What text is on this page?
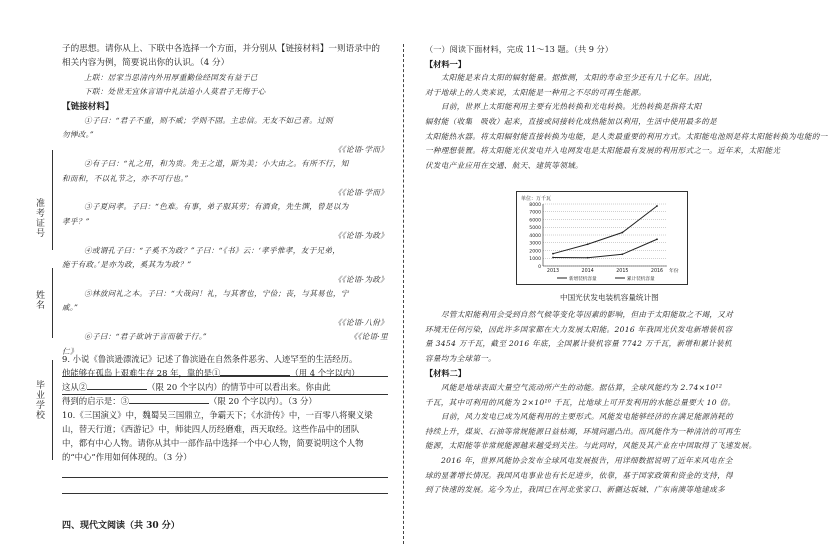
准考证号
姓名
毕业学校

子的思想。请你从上、下联中各选择一个方面，并分别从【链接材料】一则语录中的

相关内容为例，简要说出你的认识。（4 分）

上联：居家当思清内外用厚重勤俭经国发有益于已

下联：处世无宜休言语中礼法追小人莫君子无悔于心

【链接材料】

①子曰：“君子不重，则不威；学则不固。主忠信。无友不如己者。过则

勿惮改。”

《《论语·学而》

②有子曰：“礼之用，和为贵。先王之道，斯为美；小大由之。有所不行，知

和而和，不以礼节之，亦不可行也。”

《《论语·学而》

③子夏问孝。子曰：“色难。有事，弟子服其劳；有酒食，先生馔，曾是以为

孝乎？”

《《论语·为政》

④或谓孔子曰：“子奚不为政？”子曰：“《书》云：‘孝乎惟孝，友于兄弟，

施于有政。’是亦为政，奚其为为政？”

《《论语·为政》

⑤林放问礼之本。子曰：“大哉问！礼，与其奢也，宁俭；丧，与其易也，宁

戚。”

《《论语·八佾》

⑥子曰：“君子欲讷于言而敏于行。”	《《论语·里

仁》

9. 小说《鲁滨逊漂流记》记述了鲁滨逊在自然条件恶劣、人迹罕至的生活经历。

他能够在孤岛上艰难生存 28 年，靠的是①	（用 4 个字以内）

这从②	（限 20 个字以内）的情节中可以看出来。你由此

得到的启示是：③	（限 20 个字以内）。（3 分）

10.《三国演义》中，魏蜀吴三国鼎立，争霸天下；《水浒传》中，一百零八将聚义梁

山，替天行道；《西游记》中，师徒四人历经磨难，西天取经。这些作品中的团队

中，都有中心人物。请你从其中一部作品中选择一个中心人物，简要说明这个人物

的“中心”作用如何体现的。（3 分）

四、现代文阅读（共 30 分）

（一）阅读下面材料，完成 11～13 题。（共 9 分）

【材料一】

太阳能是来自太阳的辐射能量。据推测，太阳的寿命至少还有几十亿年。因此，

对于地球上的人类来说，太阳能是一种用之不尽的可再生能源。

目前，世界上太阳能利用主要有光热转换和光电转换。光热转换是指将太阳

辐射能（收集　吸收）起来，直接或间接转化成热能加以利用，生活中使用最多的是

太阳能热水器。将太阳辐射能直接转换为电能，是人类最重要的利用方式。太阳能电池则是将太阳能转换为电能的一

一种理想装置。将太阳能光伏发电并入电网发电是太阳能最有发展的利用形式之一。近年来，太阳能光

伏发电产业应用在交通、航天、建筑等领域。

单位：万千瓦
0
1000
2000
3000
4000
5000
6000
7000
8000
2013	2014	2015	2016 年份
新增装机容量	累计装机容量
中国光伏发电装机容量统计图

尽管太阳能利用会受到自然气候等变化等因素的影响，但由于太阳能取之不竭，又对

环境无任何污染，因此许多国家都在大力发展太阳能。2016 年我国光伏发电新增装机容

量 3454 万千瓦，截至 2016 年底，全国累计装机容量 7742 万千瓦，新增和累计装机

容量均为全球第一。

【材料二】

风能是地球表面大量空气流动所产生的动能。据估算，全球风能约为 2.74×10¹²

千瓦，其中可利用的风能为 2×10¹⁰ 千瓦，比地球上可开发利用的水能总量要大 10 倍。

目前，风力发电已成为风能利用的主要形式。风能发电能够经济的在满足能源消耗的

持续上升，煤炭、石油等常规能源日益枯竭，环境问题凸出。而风能作为一种清洁的可再生

能源，太阳能等非常规能源越来越受到关注。与此同时，风能及其产业在中国取得了飞速发展。

2016 年，世界风能协会发布全球风电发展报告，用详细数据说明了近年来风电在全

球的显著增长情况。我国风电事业也有长足进步，依靠，基于国家政策和资金的支持，得

到了快速的发展。迄今为止，我国已在河北张家口、新疆达坂城、广东南澳等地建成多
